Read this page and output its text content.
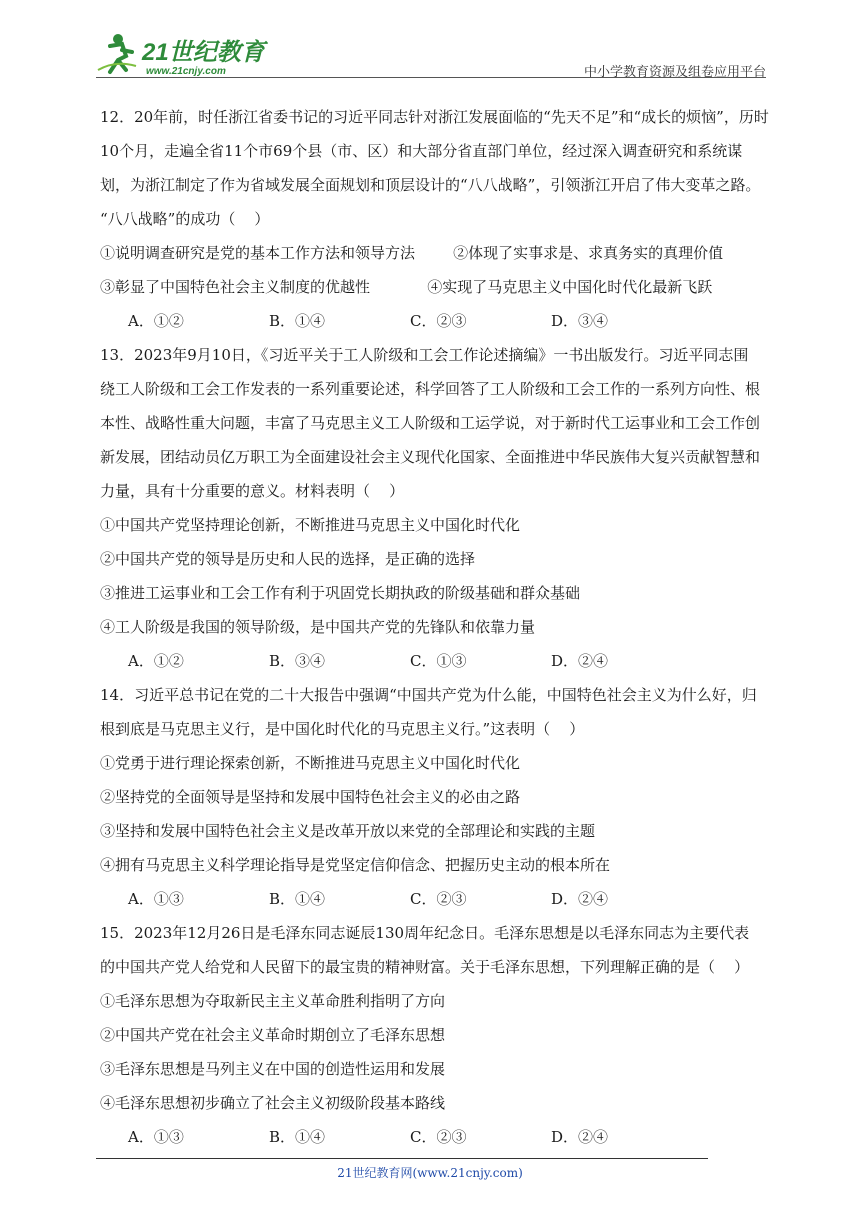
21世纪教育
www.21cnjy.com	中小学教育资源及组卷应用平台
12．20年前，时任浙江省委书记的习近平同志针对浙江发展面临的“先天不足”和“成长的烦恼”，历时
10个月，走遍全省11个市69个县（市、区）和大部分省直部门单位，经过深入调查研究和系统谋
划，为浙江制定了作为省域发展全面规划和顶层设计的“八八战略”，引领浙江开启了伟大变革之路。
“八八战略”的成功（    ）
①说明调查研究是党的基本工作方法和领导方法        ②体现了实事求是、求真务实的真理价值
③彰显了中国特色社会主义制度的优越性            ④实现了马克思主义中国化时代化最新飞跃
A．①②	B．①④	C．②③	D．③④
13．2023年9月10日，《习近平关于工人阶级和工会工作论述摘编》一书出版发行。习近平同志围
绕工人阶级和工会工作发表的一系列重要论述，科学回答了工人阶级和工会工作的一系列方向性、根
本性、战略性重大问题，丰富了马克思主义工人阶级和工运学说，对于新时代工运事业和工会工作创
新发展，团结动员亿万职工为全面建设社会主义现代化国家、全面推进中华民族伟大复兴贡献智慧和
力量，具有十分重要的意义。材料表明（    ）
①中国共产党坚持理论创新，不断推进马克思主义中国化时代化
②中国共产党的领导是历史和人民的选择，是正确的选择
③推进工运事业和工会工作有利于巩固党长期执政的阶级基础和群众基础
④工人阶级是我国的领导阶级，是中国共产党的先锋队和依靠力量
A．①②	B．③④	C．①③	D．②④
14．习近平总书记在党的二十大报告中强调“中国共产党为什么能，中国特色社会主义为什么好，归
根到底是马克思主义行，是中国化时代化的马克思主义行。”这表明（    ）
①党勇于进行理论探索创新，不断推进马克思主义中国化时代化
②坚持党的全面领导是坚持和发展中国特色社会主义的必由之路
③坚持和发展中国特色社会主义是改革开放以来党的全部理论和实践的主题
④拥有马克思主义科学理论指导是党坚定信仰信念、把握历史主动的根本所在
A．①③	B．①④	C．②③	D．②④
15．2023年12月26日是毛泽东同志诞辰130周年纪念日。毛泽东思想是以毛泽东同志为主要代表
的中国共产党人给党和人民留下的最宝贵的精神财富。关于毛泽东思想，下列理解正确的是（    ）
①毛泽东思想为夺取新民主主义革命胜利指明了方向
②中国共产党在社会主义革命时期创立了毛泽东思想
③毛泽东思想是马列主义在中国的创造性运用和发展
④毛泽东思想初步确立了社会主义初级阶段基本路线
A．①③	B．①④	C．②③	D．②④
21世纪教育网(www.21cnjy.com)
